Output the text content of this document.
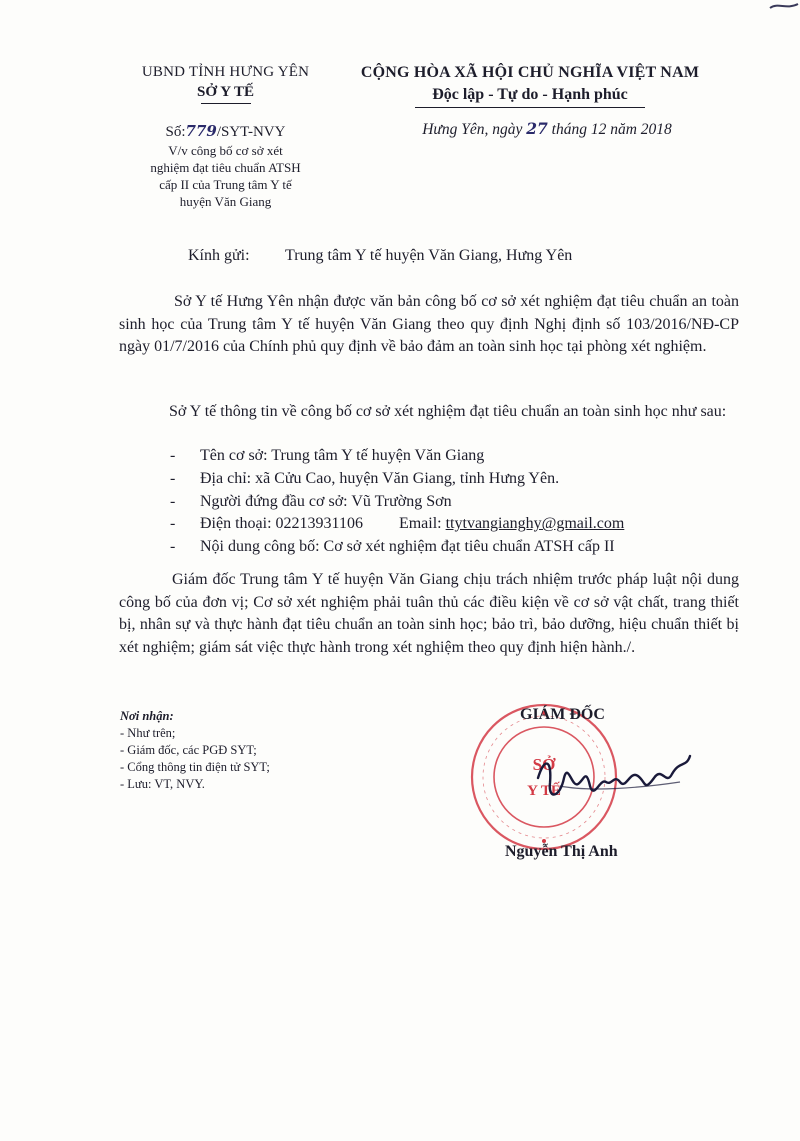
UBND TỈNH HƯNG YÊN
SỞ Y TẾ
CỘNG HÒA XÃ HỘI CHỦ NGHĨA VIỆT NAM
Độc lập - Tự do - Hạnh phúc
Số:779/SYT-NVY
V/v công bố cơ sở xét
nghiệm đạt tiêu chuẩn ATSH
cấp II của Trung tâm Y tế
huyện Văn Giang
Hưng Yên, ngày 27 tháng 12 năm 2018
Kính gửi: Trung tâm Y tế huyện Văn Giang, Hưng Yên
Sở Y tế Hưng Yên nhận được văn bản công bố cơ sở xét nghiệm đạt tiêu chuẩn an toàn sinh học của Trung tâm Y tế huyện Văn Giang theo quy định Nghị định số 103/2016/NĐ-CP ngày 01/7/2016 của Chính phủ quy định về bảo đảm an toàn sinh học tại phòng xét nghiệm.
Sở Y tế thông tin về công bố cơ sở xét nghiệm đạt tiêu chuẩn an toàn sinh học như sau:
- Tên cơ sở: Trung tâm Y tế huyện Văn Giang
- Địa chỉ: xã Cửu Cao, huyện Văn Giang, tỉnh Hưng Yên.
- Người đứng đầu cơ sở: Vũ Trường Sơn
- Điện thoại: 02213931106 Email: ttytvangianghy@gmail.com
- Nội dung công bố: Cơ sở xét nghiệm đạt tiêu chuẩn ATSH cấp II
Giám đốc Trung tâm Y tế huyện Văn Giang chịu trách nhiệm trước pháp luật nội dung công bố của đơn vị; Cơ sở xét nghiệm phải tuân thủ các điều kiện về cơ sở vật chất, trang thiết bị, nhân sự và thực hành đạt tiêu chuẩn an toàn sinh học; bảo trì, bảo dưỡng, hiệu chuẩn thiết bị xét nghiệm; giám sát việc thực hành trong xét nghiệm theo quy định hiện hành./.
Nơi nhận:
- Như trên;
- Giám đốc, các PGĐ SYT;
- Cổng thông tin điện tử SYT;
- Lưu: VT, NVY.
SỞ
Y TẾ
GIÁM ĐỐC
Nguyễn Thị Anh
